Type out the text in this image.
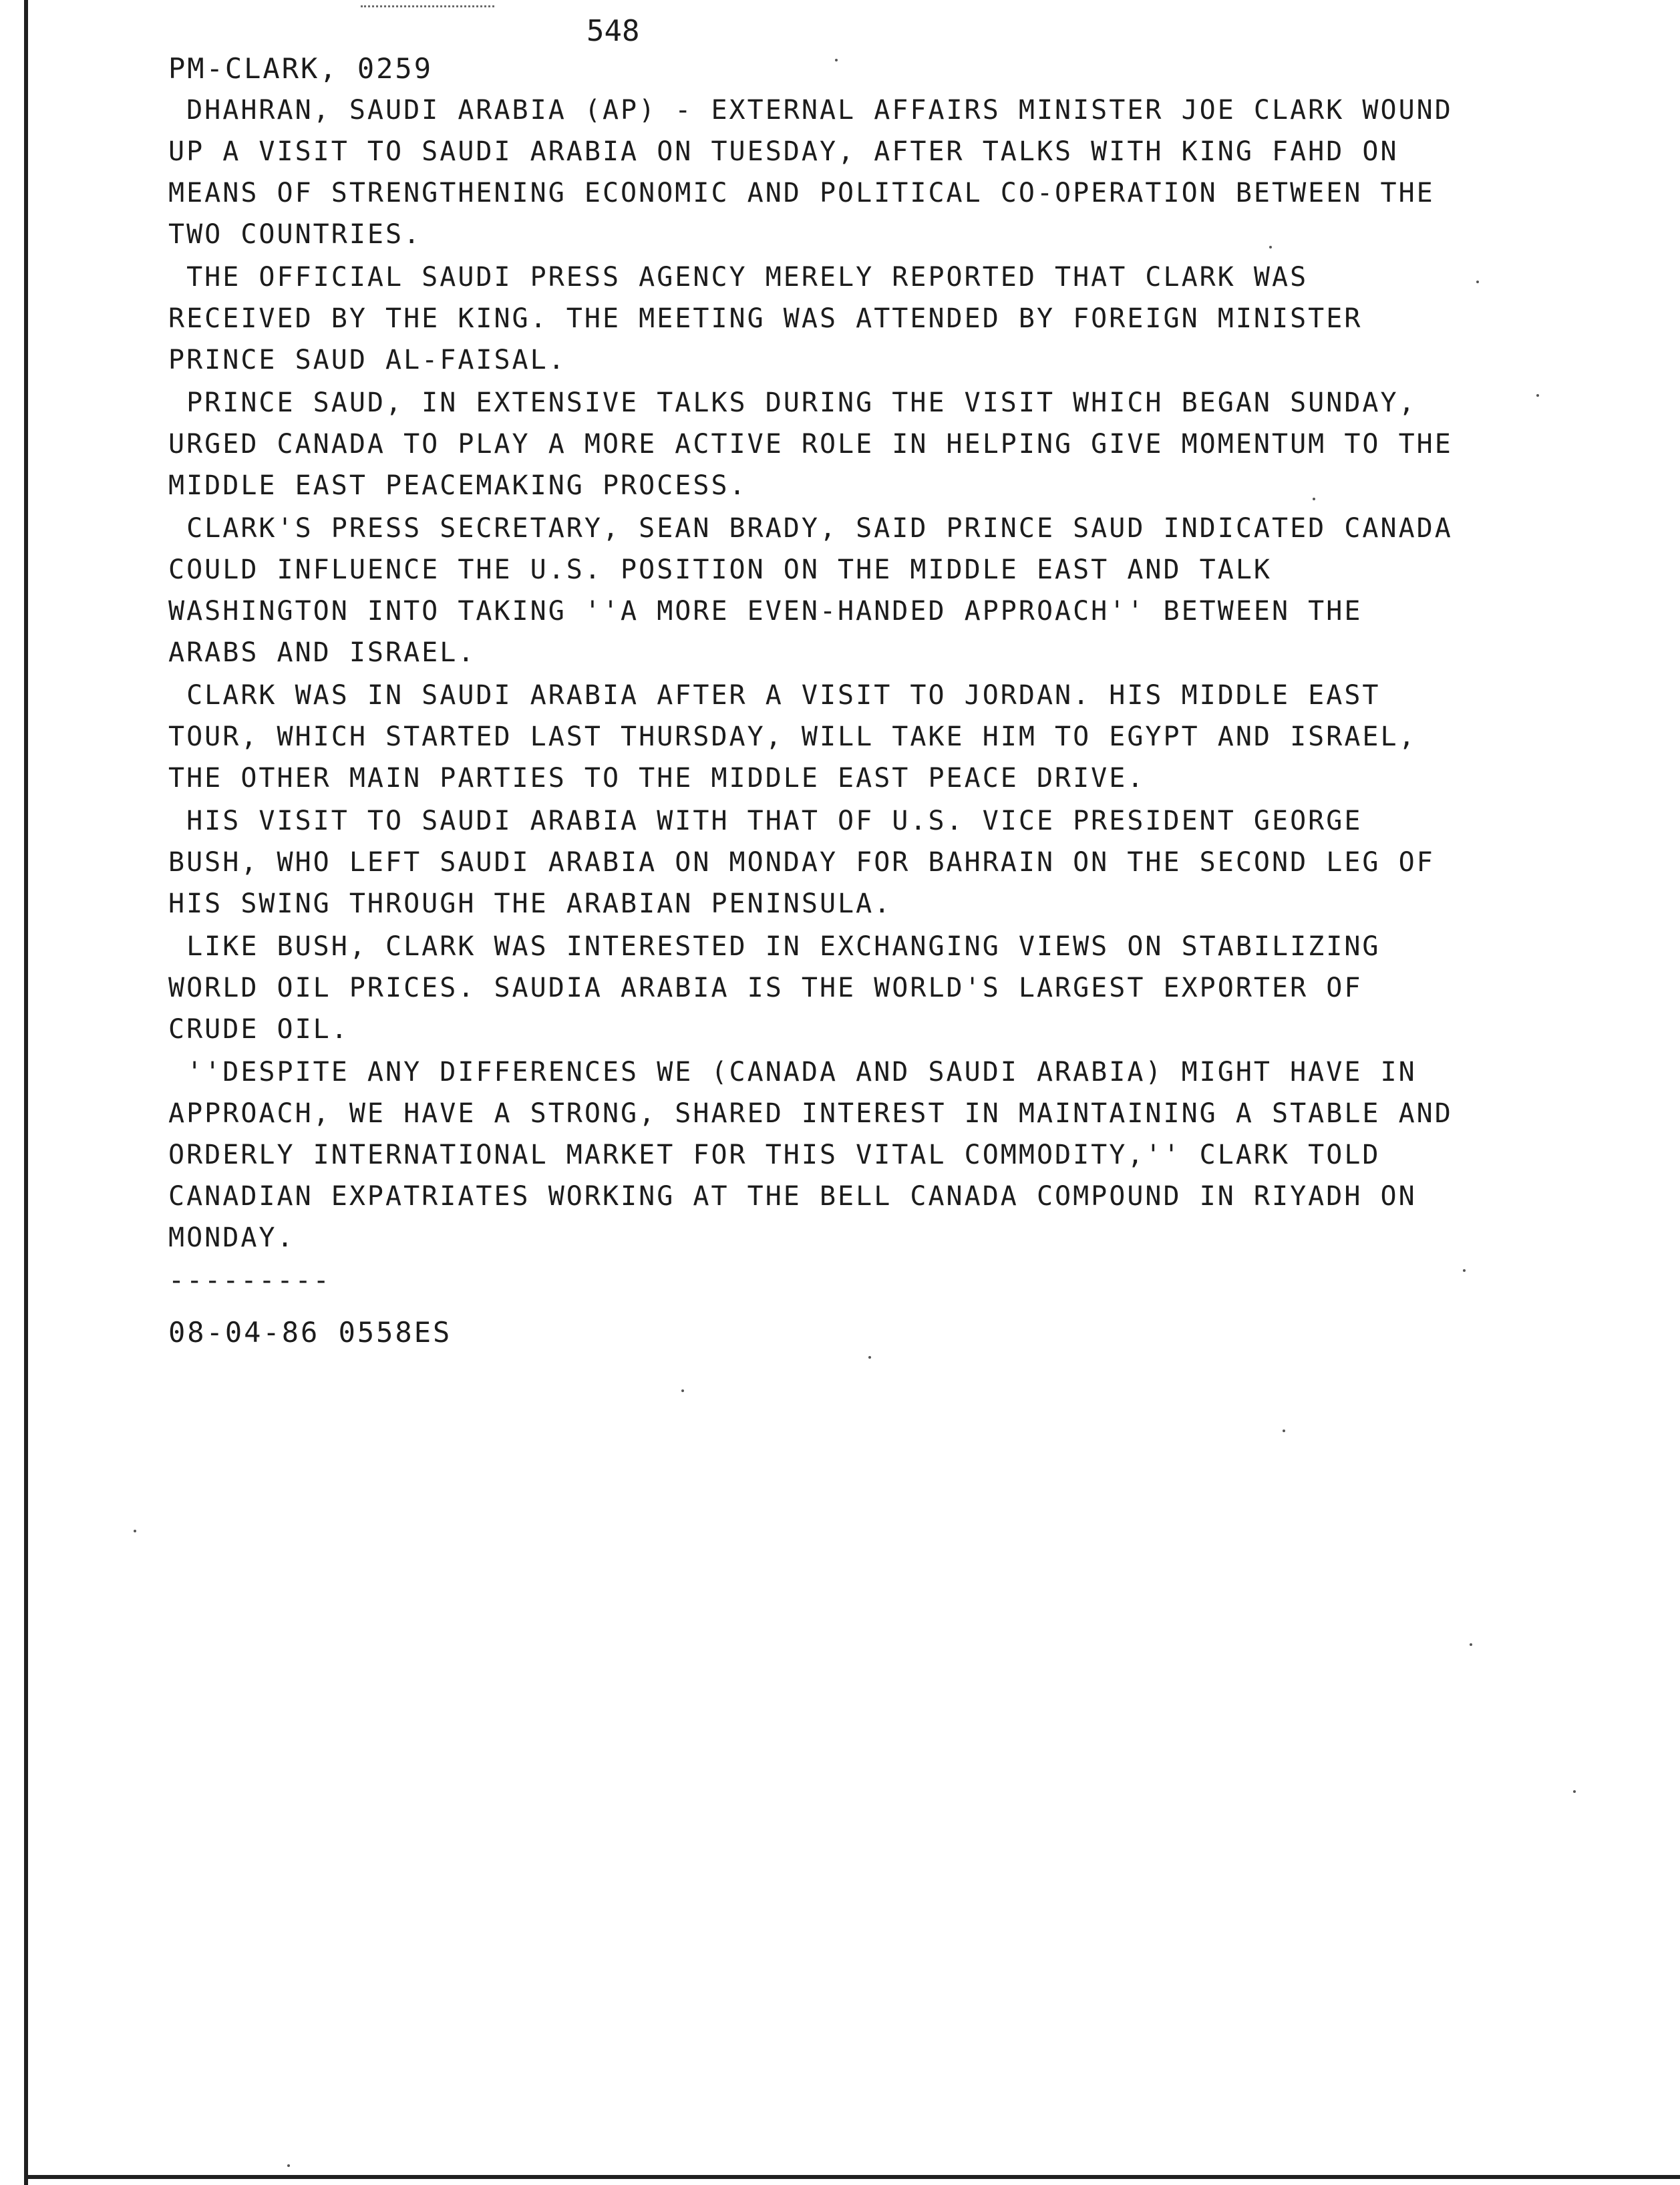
548
PM-CLARK, 0259
DHAHRAN, SAUDI ARABIA (AP) - EXTERNAL AFFAIRS MINISTER JOE CLARK WOUND
UP A VISIT TO SAUDI ARABIA ON TUESDAY, AFTER TALKS WITH KING FAHD ON
MEANS OF STRENGTHENING ECONOMIC AND POLITICAL CO-OPERATION BETWEEN THE
TWO COUNTRIES.
THE OFFICIAL SAUDI PRESS AGENCY MERELY REPORTED THAT CLARK WAS
RECEIVED BY THE KING. THE MEETING WAS ATTENDED BY FOREIGN MINISTER
PRINCE SAUD AL-FAISAL.
PRINCE SAUD, IN EXTENSIVE TALKS DURING THE VISIT WHICH BEGAN SUNDAY,
URGED CANADA TO PLAY A MORE ACTIVE ROLE IN HELPING GIVE MOMENTUM TO THE
MIDDLE EAST PEACEMAKING PROCESS.
CLARK'S PRESS SECRETARY, SEAN BRADY, SAID PRINCE SAUD INDICATED CANADA
COULD INFLUENCE THE U.S. POSITION ON THE MIDDLE EAST AND TALK
WASHINGTON INTO TAKING ''A MORE EVEN-HANDED APPROACH'' BETWEEN THE
ARABS AND ISRAEL.
CLARK WAS IN SAUDI ARABIA AFTER A VISIT TO JORDAN. HIS MIDDLE EAST
TOUR, WHICH STARTED LAST THURSDAY, WILL TAKE HIM TO EGYPT AND ISRAEL,
THE OTHER MAIN PARTIES TO THE MIDDLE EAST PEACE DRIVE.
HIS VISIT TO SAUDI ARABIA WITH THAT OF U.S. VICE PRESIDENT GEORGE
BUSH, WHO LEFT SAUDI ARABIA ON MONDAY FOR BAHRAIN ON THE SECOND LEG OF
HIS SWING THROUGH THE ARABIAN PENINSULA.
LIKE BUSH, CLARK WAS INTERESTED IN EXCHANGING VIEWS ON STABILIZING
WORLD OIL PRICES. SAUDIA ARABIA IS THE WORLD'S LARGEST EXPORTER OF
CRUDE OIL.
''DESPITE ANY DIFFERENCES WE (CANADA AND SAUDI ARABIA) MIGHT HAVE IN
APPROACH, WE HAVE A STRONG, SHARED INTEREST IN MAINTAINING A STABLE AND
ORDERLY INTERNATIONAL MARKET FOR THIS VITAL COMMODITY,'' CLARK TOLD
CANADIAN EXPATRIATES WORKING AT THE BELL CANADA COMPOUND IN RIYADH ON
MONDAY.
---------
08-04-86 0558ES
